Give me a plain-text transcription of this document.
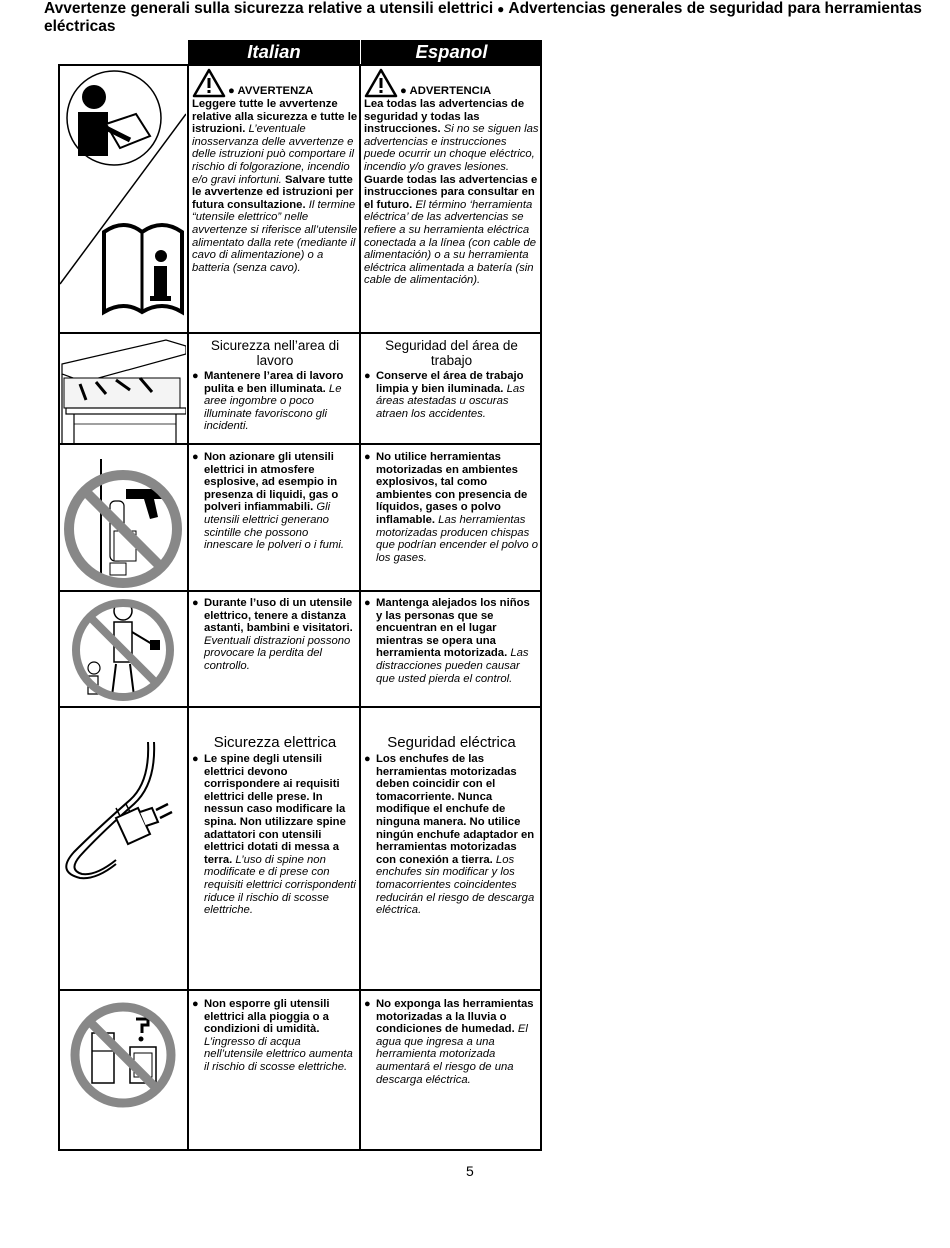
Avvertenze generali sulla sicurezza relative a utensili elettrici ● Advertencias generales de seguridad para herramientas eléctricas
Italian	Espanol
● AVVERTENZA
Leggere tutte le avvertenze relative alla sicurezza e tutte le istruzioni. L’eventuale inosservanza delle avvertenze e delle istruzioni può comportare il rischio di folgorazione, incendio e/o gravi infortuni. Salvare tutte le avvertenze ed istruzioni per futura consultazione. Il termine “utensile elettrico” nelle avvertenze si riferisce all’utensile alimentato dalla rete (mediante il cavo di alimentazione) o a batteria (senza cavo).
● ADVERTENCIA
Lea todas las advertencias de seguridad y todas las instrucciones. Si no se siguen las advertencias e instrucciones puede ocurrir un choque eléctrico, incendio y/o graves lesiones. Guarde todas las advertencias e instrucciones para consultar en el futuro. El término ‘herramienta eléctrica’ de las advertencias se refiere a su herramienta eléctrica conectada a la línea (con cable de alimentación) o a su herramienta eléctrica alimentada a batería (sin cable de alimentación).
Sicurezza nell’area di lavoro
● Mantenere l’area di lavoro pulita e ben illuminata. Le aree ingombre o poco illuminate favoriscono gli incidenti.
Seguridad del área de trabajo
● Conserve el área de trabajo limpia y bien iluminada. Las áreas atestadas u oscuras atraen los accidentes.
● Non azionare gli utensili elettrici in atmosfere esplosive, ad esempio in presenza di liquidi, gas o polveri infiammabili. Gli utensili elettrici generano scintille che possono innescare le polveri o i fumi.
● No utilice herramientas motorizadas en ambientes explosivos, tal como ambientes con presencia de líquidos, gases o polvo inflamable. Las herramientas motorizadas producen chispas que podrían encender el polvo o los gases.
● Durante l’uso di un utensile elettrico, tenere a distanza astanti, bambini e visitatori. Eventuali distrazioni possono provocare la perdita del controllo.
● Mantenga alejados los niños y las personas que se encuentran en el lugar mientras se opera una herramienta motorizada. Las distracciones pueden causar que usted pierda el control.
Sicurezza elettrica
● Le spine degli utensili elettrici devono corrispondere ai requisiti elettrici delle prese. In nessun caso modificare la spina. Non utilizzare spine adattatori con utensili elettrici dotati di messa a terra. L’uso di spine non modificate e di prese con requisiti elettrici corrispondenti riduce il rischio di scosse elettriche.
Seguridad eléctrica
● Los enchufes de las herramientas motorizadas deben coincidir con el tomacorriente. Nunca modifique el enchufe de ninguna manera. No utilice ningún enchufe adaptador en herramientas motorizadas con conexión a tierra. Los enchufes sin modificar y los tomacorrientes coincidentes reducirán el riesgo de descarga eléctrica.
● Non esporre gli utensili elettrici alla pioggia o a condizioni di umidità. L’ingresso di acqua nell’utensile elettrico aumenta il rischio di scosse elettriche.
● No exponga las herramientas motorizadas a la lluvia o condiciones de humedad. El agua que ingresa a una herramienta motorizada aumentará el riesgo de una descarga eléctrica.
5
